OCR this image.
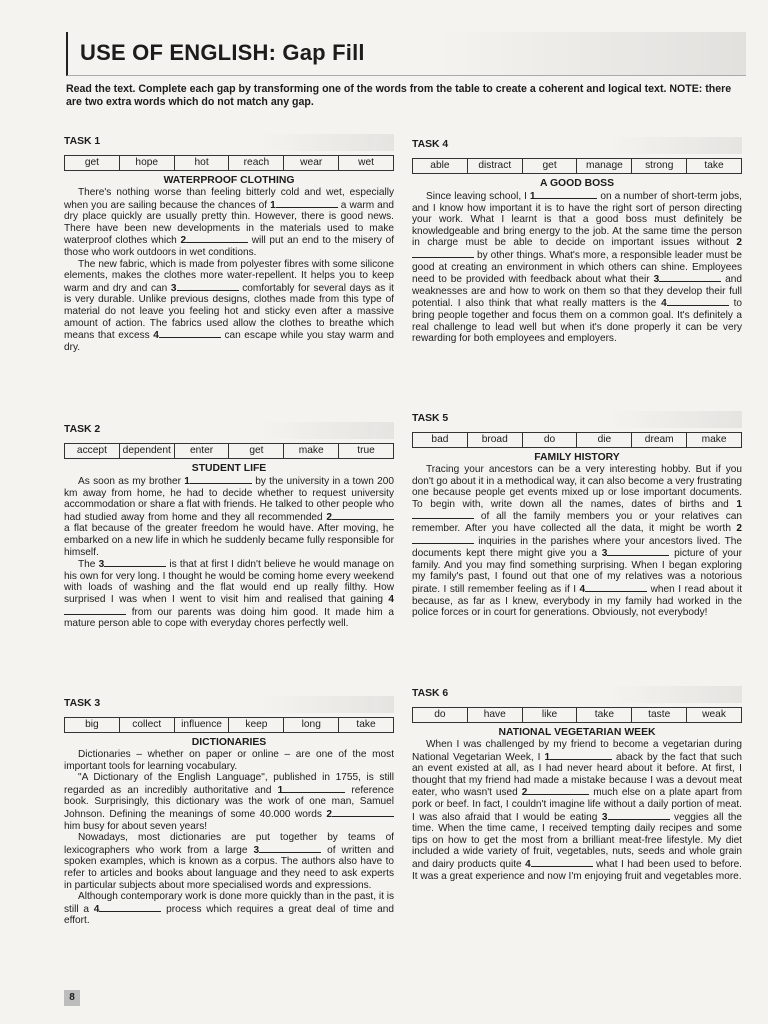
USE OF ENGLISH: Gap Fill
Read the text. Complete each gap by transforming one of the words from the table to create a coherent and logical text. NOTE: there are two extra words which do not match any gap.
TASK 1
get	hope	hot	reach	wear	wet
WATERPROOF CLOTHING

There's nothing worse than feeling bitterly cold and wet, especially when you are sailing because the chances of 1	a warm and dry place quickly are usually pretty thin. However, there is good news. There have been new developments in the materials used to make waterproof clothes which 2	will put an end to the misery of those who work outdoors in wet conditions.

The new fabric, which is made from polyester fibres with some silicone elements, makes the clothes more water-repellent. It helps you to keep warm and dry and can 3	comfortably for several days as it is very durable. Unlike previous designs, clothes made from this type of material do not leave you feeling hot and sticky even after a massive amount of action. The fabrics used allow the clothes to breathe which means that excess 4	can escape while you stay warm and dry.

TASK 2
accept	dependent	enter	get	make	true
STUDENT LIFE

As soon as my brother 1	by the university in a town 200 km away from home, he had to decide whether to request university accommodation or share a flat with friends. He talked to other people who had studied away from home and they all recommended 2 a flat because of the greater freedom he would have. After moving, he embarked on a new life in which he suddenly became fully responsible for himself.

The 3	is that at first I didn't believe he would manage on his own for very long. I thought he would be coming home every weekend with loads of washing and the flat would end up really filthy. How surprised I was when I went to visit him and realised that gaining 4 from our parents was doing him good. It made him a mature person able to cope with everyday chores perfectly well.

TASK 3
big	collect	influence	keep	long	take
DICTIONARIES

Dictionaries – whether on paper or online – are one of the most important tools for learning vocabulary.

"A Dictionary of the English Language", published in 1755, is still regarded as an incredibly authoritative and 1	reference book. Surprisingly, this dictionary was the work of one man, Samuel Johnson. Defining the meanings of some 40.000 words 2 him busy for about seven years!

Nowadays, most dictionaries are put together by teams of lexicographers who work from a large 3	of written and spoken examples, which is known as a corpus. The authors also have to refer to articles and books about language and they need to ask experts in particular subjects about more specialised words and expressions.

Although contemporary work is done more quickly than in the past, it is still a 4	process which requires a great deal of time and effort.

TASK 4
able	distract	get	manage	strong	take
A GOOD BOSS

Since leaving school, I 1	on a number of short-term jobs, and I know how important it is to have the right sort of person directing your work. What I learnt is that a good boss must definitely be knowledgeable and bring energy to the job. At the same time the person in charge must be able to decide on important issues without 2 by other things. What's more, a responsible leader must be good at creating an environment in which others can shine. Employees need to be provided with feedback about what their 3	and weaknesses are and how to work on them so that they develop their full potential. I also think that what really matters is the 4	to bring people together and focus them on a common goal. It's definitely a real challenge to lead well but when it's done properly it can be very rewarding for both employees and employers.

TASK 5
bad	broad	do	die	dream	make
FAMILY HISTORY

Tracing your ancestors can be a very interesting hobby. But if you don't go about it in a methodical way, it can also become a very frustrating one because people get events mixed up or lose important documents. To begin with, write down all the names, dates of births and 1 of all the family members you or your relatives can remember. After you have collected all the data, it might be worth 2 inquiries in the parishes where your ancestors lived. The documents kept there might give you a 3	picture of your family. And you may find something surprising. When I began exploring my family's past, I found out that one of my relatives was a notorious pirate. I still remember feeling as if I 4	when I read about it because, as far as I knew, everybody in my family had worked in the police forces or in court for generations. Obviously, not everybody!

TASK 6
do	have	like	take	taste	weak
NATIONAL VEGETARIAN WEEK

When I was challenged by my friend to become a vegetarian during National Vegetarian Week, I 1	aback by the fact that such an event existed at all, as I had never heard about it before. At first, I thought that my friend had made a mistake because I was a devout meat eater, who wasn't used 2	much else on a plate apart from pork or beef. In fact, I couldn't imagine life without a daily portion of meat. I was also afraid that I would be eating 3	veggies all the time. When the time came, I received tempting daily recipes and some tips on how to get the most from a brilliant meat-free lifestyle. My diet included a wide variety of fruit, vegetables, nuts, seeds and whole grain and dairy products quite 4	what I had been used to before. It was a great experience and now I'm enjoying fruit and vegetables more.

8
